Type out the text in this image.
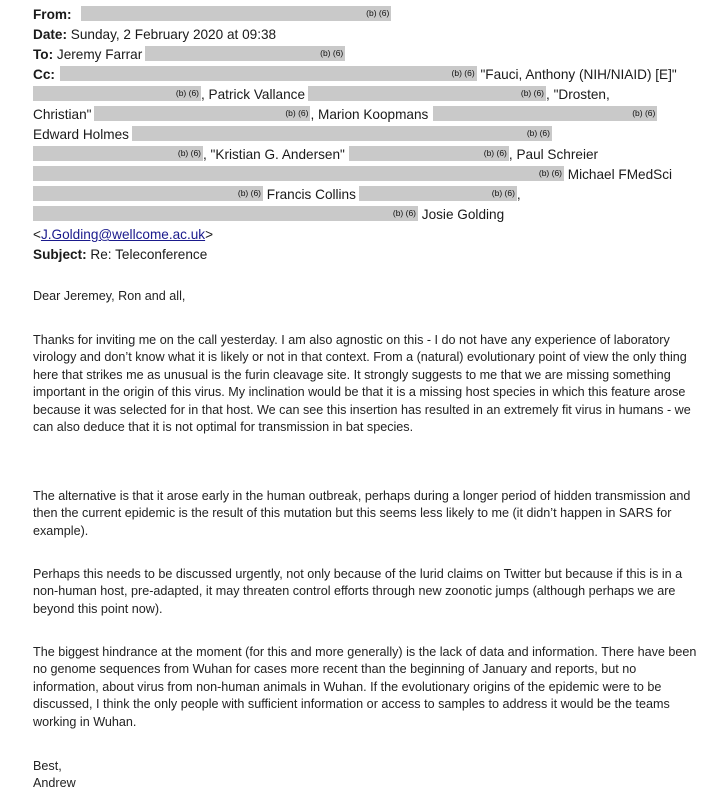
From:	(b) (6)
Date: Sunday, 2 February 2020 at 09:38
To: Jeremy Farrar	(b) (6)
Cc:	(b) (6) "Fauci, Anthony (NIH/NIAID) [E]"
(b) (6) , Patrick Vallance	(b) (6) , "Drosten,
Christian"	(b) (6) , Marion Koopmans	(b) (6)
Edward Holmes	(b) (6)
(b) (6) , "Kristian G. Andersen"	(b) (6) , Paul Schreier
(b) (6) Michael FMedSci
(b) (6) Francis Collins	(b) (6) ,
(b) (6) Josie Golding
<J.Golding@wellcome.ac.uk>
Subject: Re: Teleconference

Dear Jeremey, Ron and all,

Thanks for inviting me on the call yesterday. I am also agnostic on this - I do not have any experience of laboratory virology and don’t know what it is likely or not in that context. From a (natural) evolutionary point of view the only thing here that strikes me as unusual is the furin cleavage site. It strongly suggests to me that we are missing something important in the origin of this virus. My inclination would be that it is a missing host species in which this feature arose because it was selected for in that host. We can see this insertion has resulted in an extremely fit virus in humans - we can also deduce that it is not optimal for transmission in bat species.

The alternative is that it arose early in the human outbreak, perhaps during a longer period of hidden transmission and then the current epidemic is the result of this mutation but this seems less likely to me (it didn’t happen in SARS for example).

Perhaps this needs to be discussed urgently, not only because of the lurid claims on Twitter but because if this is in a non-human host, pre-adapted, it may threaten control efforts through new zoonotic jumps (although perhaps we are beyond this point now).

The biggest hindrance at the moment (for this and more generally) is the lack of data and information. There have been no genome sequences from Wuhan for cases more recent than the beginning of January and reports, but no information, about virus from non-human animals in Wuhan. If the evolutionary origins of the epidemic were to be discussed, I think the only people with sufficient information or access to samples to address it would be the teams working in Wuhan.

Best,

Andrew
